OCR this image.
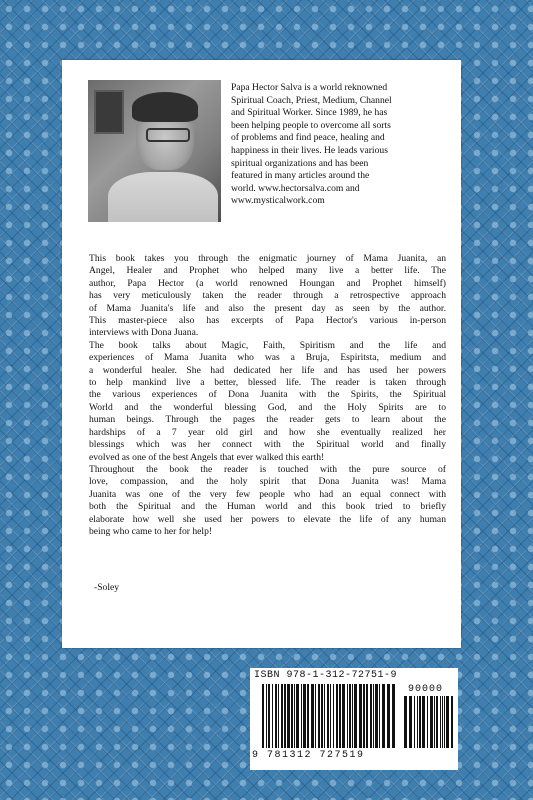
Papa Hector Salva is a world reknowned
Spiritual Coach, Priest, Medium, Channel
and Spiritual Worker. Since 1989, he has
been helping people to overcome all sorts
of problems and find peace, healing and
happiness in their lives. He leads various
spiritual organizations and has been
featured in many articles around the
world. www.hectorsalva.com and
www.mysticalwork.com

This book takes you through the enigmatic journey of Mama Juanita, an
Angel, Healer and Prophet who helped many live a better life. The
author, Papa Hector (a world renowned Houngan and Prophet himself)
has very meticulously taken the reader through a retrospective approach
of Mama Juanita's life and also the present day as seen by the author.
This master-piece also has excerpts of Papa Hector's various in-person
interviews with Dona Juana.

The book talks about Magic, Faith, Spiritism and the life and
experiences of Mama Juanita who was a Bruja, Espiritsta, medium and
a wonderful healer. She had dedicated her life and has used her powers
to help mankind live a better, blessed life. The reader is taken through
the various experiences of Dona Juanita with the Spirits, the Spiritual
World and the wonderful blessing God, and the Holy Spirits are to
human beings. Through the pages the reader gets to learn about the
hardships of a 7 year old girl and how she eventually realized her
blessings which was her connect with the Spiritual world and finally
evolved as one of the best Angels that ever walked this earth!

Throughout the book the reader is touched with the pure source of
love, compassion, and the holy spirit that Dona Juanita was! Mama
Juanita was one of the very few people who had an equal connect with
both the Spiritual and the Human world and this book tried to briefly
elaborate how well she used her powers to elevate the life of any human
being who came to her for help!

-Soley
ISBN 978-1-312-72751-9
90000
9 781312 727519
